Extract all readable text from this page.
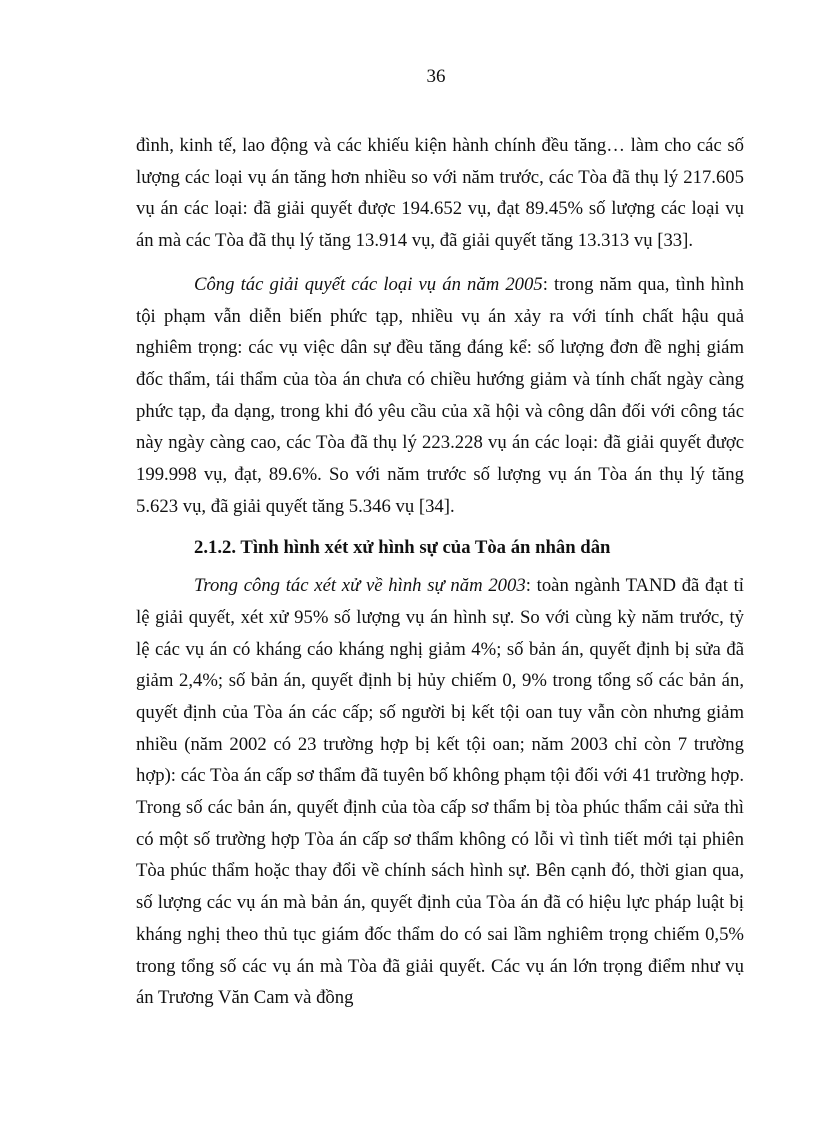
36

đình, kinh tế, lao động và các khiếu kiện hành chính đều tăng… làm cho các số lượng các loại vụ án tăng hơn nhiều so với năm trước, các Tòa đã thụ lý 217.605 vụ án các loại: đã giải quyết được 194.652 vụ, đạt 89.45% số lượng các loại vụ án mà các Tòa đã thụ lý tăng 13.914 vụ, đã giải quyết tăng 13.313 vụ [33].

Công tác giải quyết các loại vụ án năm 2005: trong năm qua, tình hình tội phạm vẫn diễn biến phức tạp, nhiều vụ án xảy ra với tính chất hậu quả nghiêm trọng: các vụ việc dân sự đều tăng đáng kể: số lượng đơn đề nghị giám đốc thẩm, tái thẩm của tòa án chưa có chiều hướng giảm và tính chất ngày càng phức tạp, đa dạng, trong khi đó yêu cầu của xã hội và công dân đối với công tác này ngày càng cao, các Tòa đã thụ lý 223.228 vụ án các loại: đã giải quyết được 199.998 vụ, đạt, 89.6%. So với năm trước số lượng vụ án Tòa án thụ lý tăng 5.623 vụ, đã giải quyết tăng 5.346 vụ [34].

2.1.2. Tình hình xét xử hình sự của Tòa án nhân dân

Trong công tác xét xử về hình sự năm 2003: toàn ngành TAND đã đạt tỉ lệ giải quyết, xét xử 95% số lượng vụ án hình sự. So với cùng kỳ năm trước, tỷ lệ các vụ án có kháng cáo kháng nghị giảm 4%; số bản án, quyết định bị sửa đã giảm 2,4%; số bản án, quyết định bị hủy chiếm 0, 9% trong tổng số các bản án, quyết định của Tòa án các cấp; số người bị kết tội oan tuy vẫn còn nhưng giảm nhiều (năm 2002 có 23 trường hợp bị kết tội oan; năm 2003 chỉ còn 7 trường hợp): các Tòa án cấp sơ thẩm đã tuyên bố không phạm tội đối với 41 trường hợp. Trong số các bản án, quyết định của tòa cấp sơ thẩm bị tòa phúc thẩm cải sửa thì có một số trường hợp Tòa án cấp sơ thẩm không có lỗi vì tình tiết mới tại phiên Tòa phúc thẩm hoặc thay đổi về chính sách hình sự. Bên cạnh đó, thời gian qua, số lượng các vụ án mà bản án, quyết định của Tòa án đã có hiệu lực pháp luật bị kháng nghị theo thủ tục giám đốc thẩm do có sai lầm nghiêm trọng chiếm 0,5% trong tổng số các vụ án mà Tòa đã giải quyết. Các vụ án lớn trọng điểm như vụ án Trương Văn Cam và đồng
